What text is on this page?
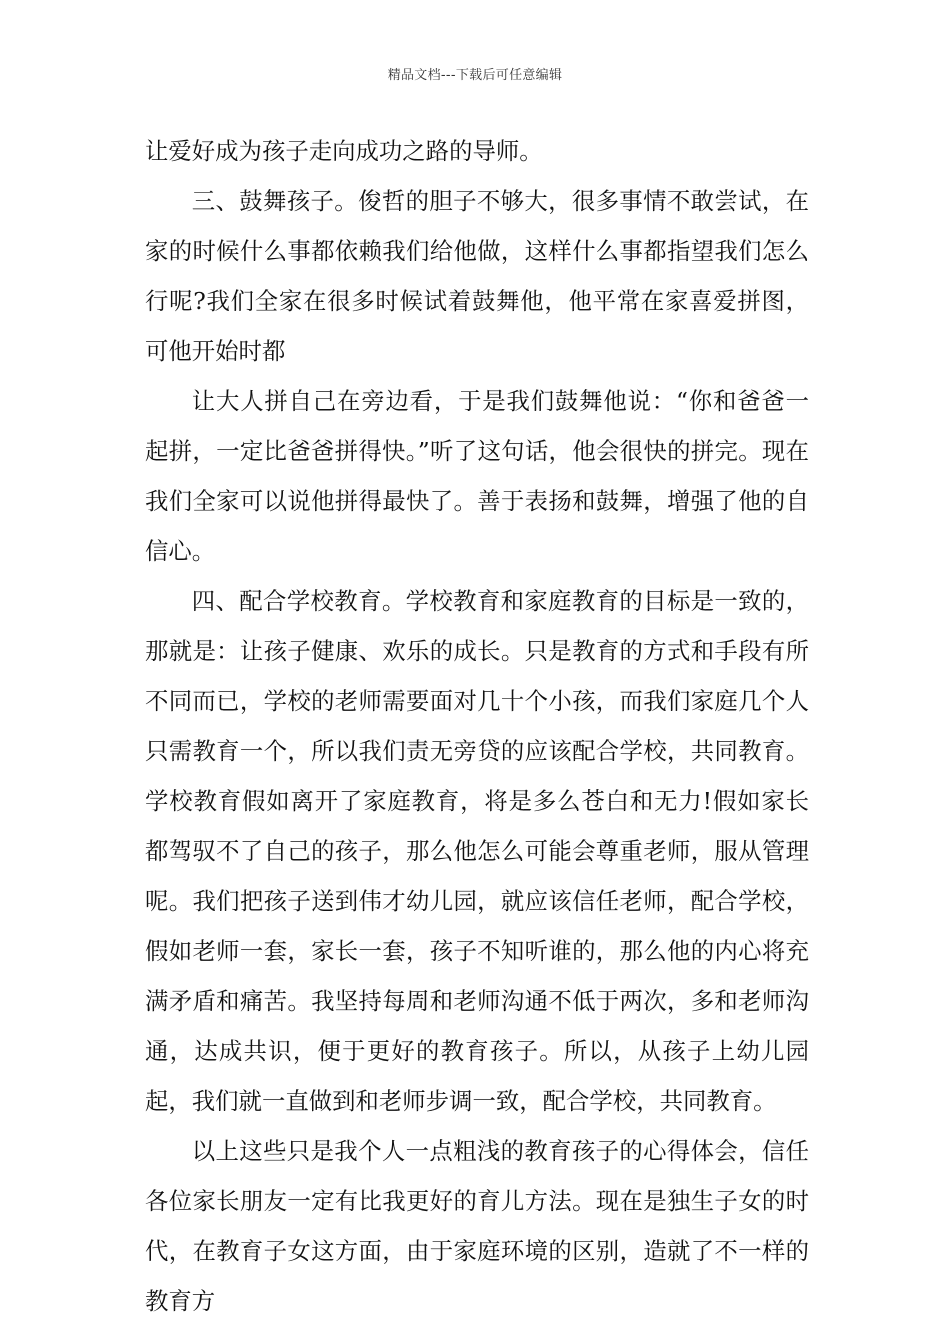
精品文档---下载后可任意编辑

让爱好成为孩子走向成功之路的导师。

三、鼓舞孩子。俊哲的胆子不够大，很多事情不敢尝试，在家的时候什么事都依赖我们给他做，这样什么事都指望我们怎么行呢?我们全家在很多时候试着鼓舞他，他平常在家喜爱拼图，可他开始时都

让大人拼自己在旁边看，于是我们鼓舞他说：“你和爸爸一起拼，一定比爸爸拼得快。”听了这句话，他会很快的拼完。现在我们全家可以说他拼得最快了。善于表扬和鼓舞，增强了他的自信心。

四、配合学校教育。学校教育和家庭教育的目标是一致的，那就是：让孩子健康、欢乐的成长。只是教育的方式和手段有所不同而已，学校的老师需要面对几十个小孩，而我们家庭几个人只需教育一个，所以我们责无旁贷的应该配合学校，共同教育。学校教育假如离开了家庭教育，将是多么苍白和无力!假如家长都驾驭不了自己的孩子，那么他怎么可能会尊重老师，服从管理呢。我们把孩子送到伟才幼儿园，就应该信任老师，配合学校，假如老师一套，家长一套，孩子不知听谁的，那么他的内心将充满矛盾和痛苦。我坚持每周和老师沟通不低于两次，多和老师沟通，达成共识，便于更好的教育孩子。所以，从孩子上幼儿园起，我们就一直做到和老师步调一致，配合学校，共同教育。

以上这些只是我个人一点粗浅的教育孩子的心得体会，信任各位家长朋友一定有比我更好的育儿方法。现在是独生子女的时代，在教育子女这方面，由于家庭环境的区别，造就了不一样的教育方
